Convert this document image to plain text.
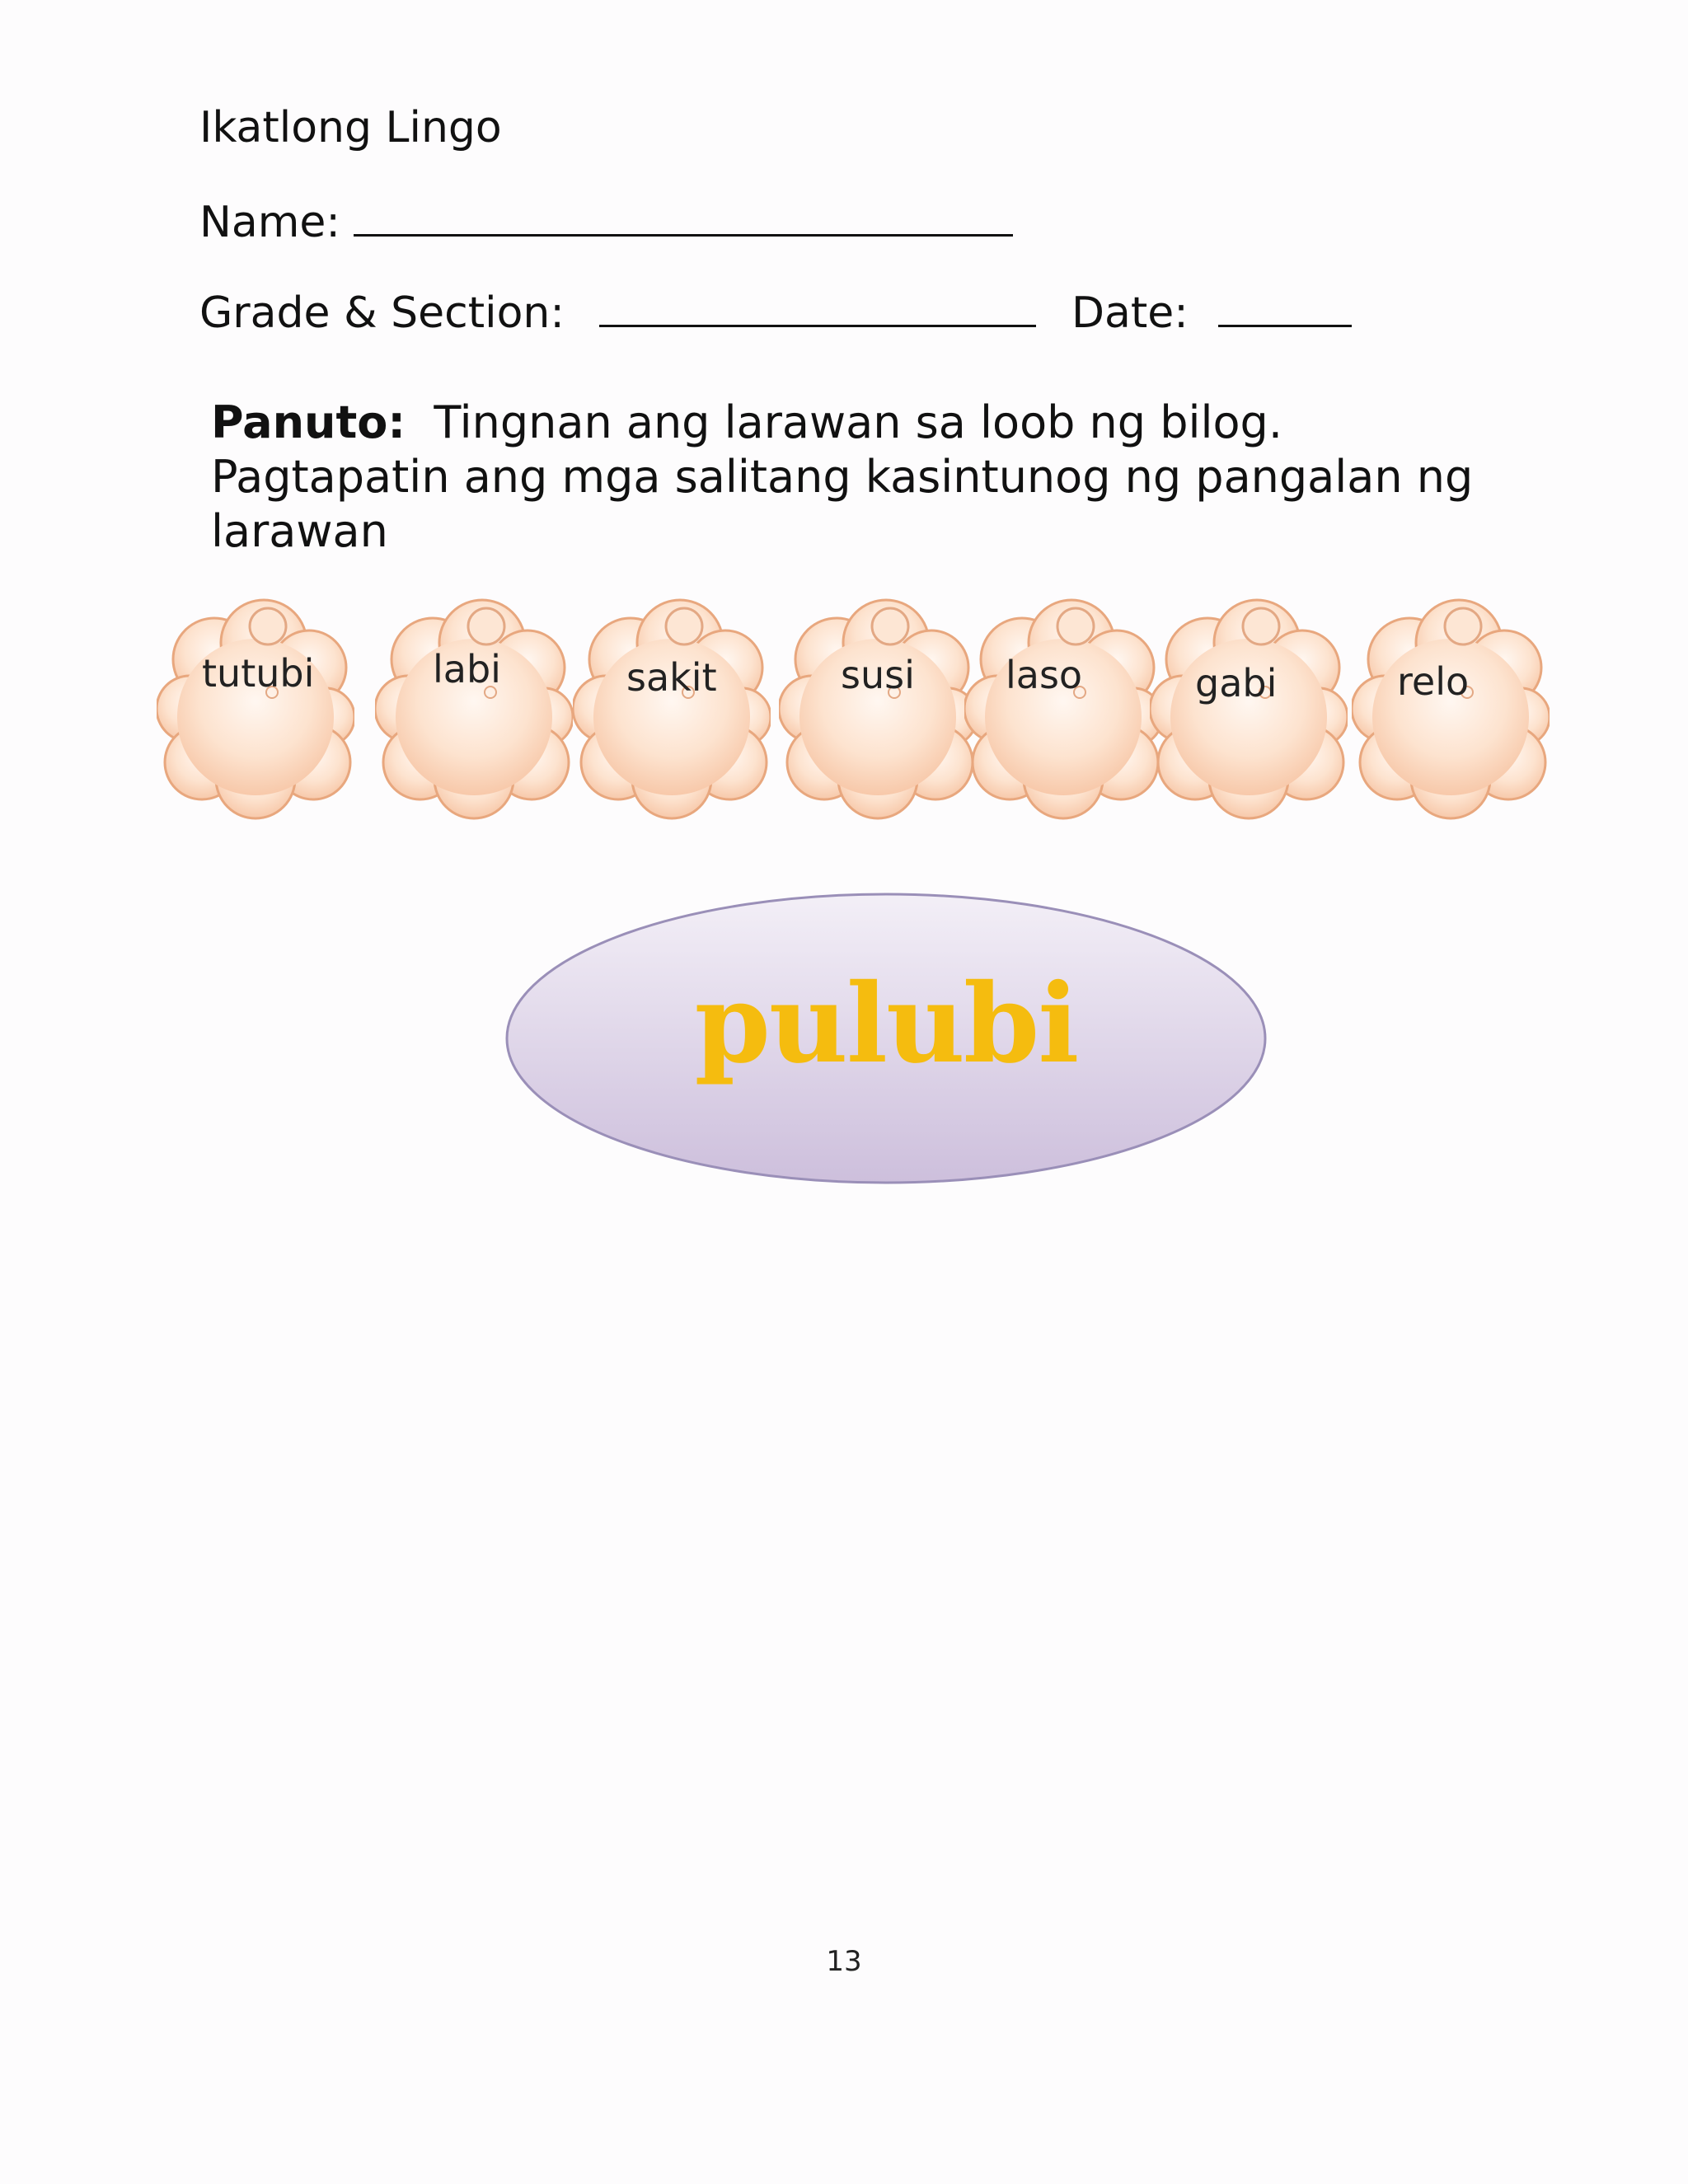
Ikatlong Lingo
Name:
Grade & Section:	Date:
Panuto: Tingnan ang larawan sa loob ng bilog. Pagtapatin ang mga salitang kasintunog ng pangalan ng larawan
tutubi	labi	sakit	susi laso	gabi	relo
pulubi
13
